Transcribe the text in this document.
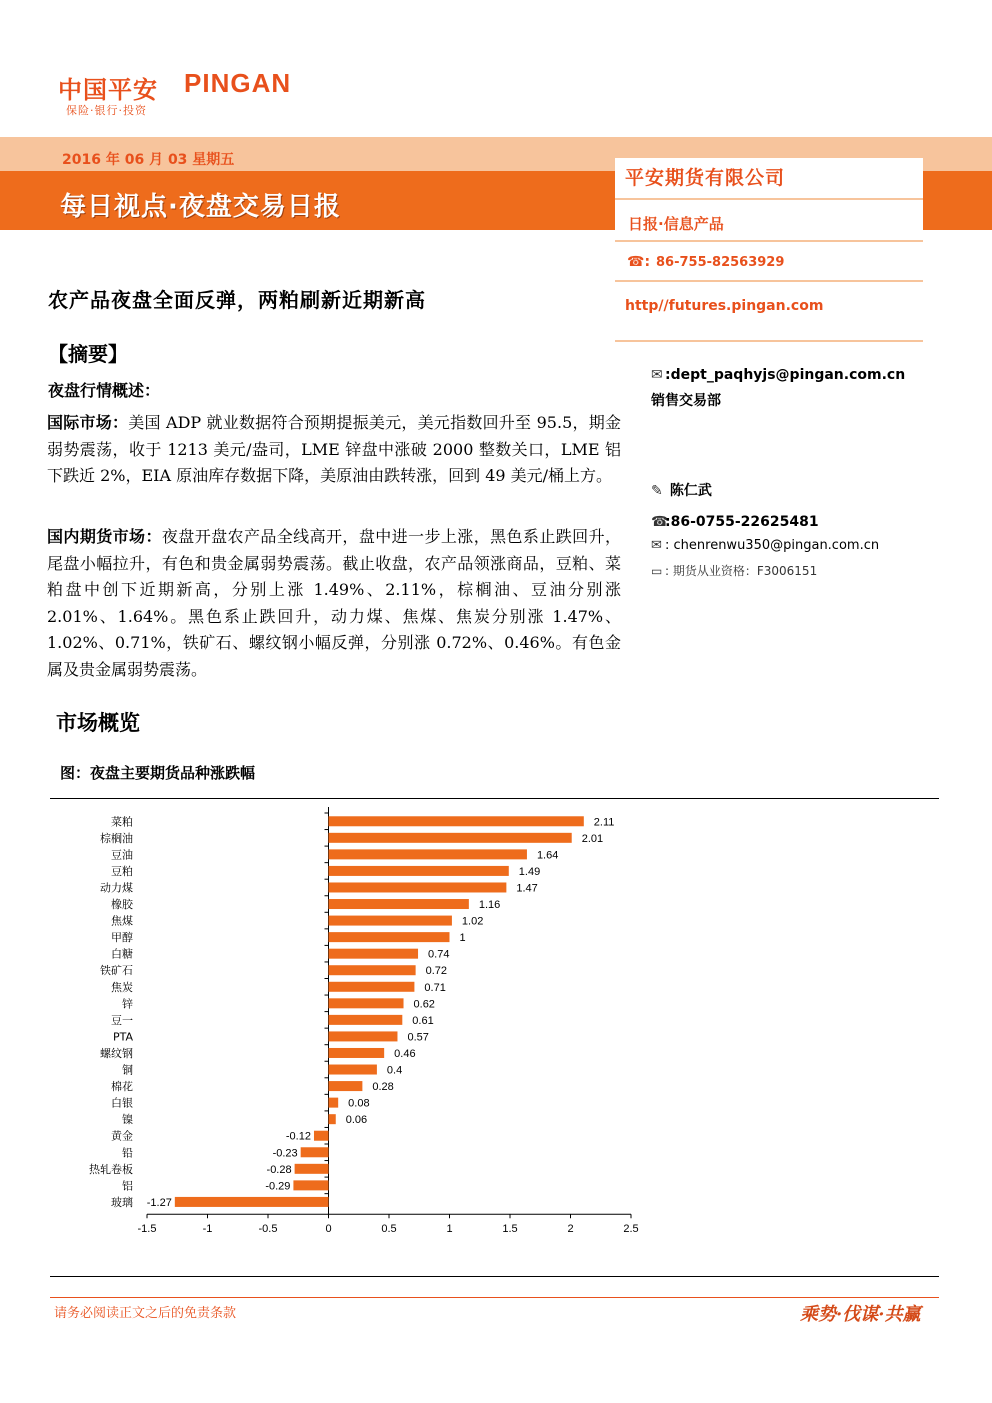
中国平安 PINGAN
保险·银行·投资
2016 年 06 月 03 星期五
每日视点·夜盘交易日报
平安期货有限公司
日报·信息产品
☎: 86-755-82563929
http//futures.pingan.com
农产品夜盘全面反弹，两粕刷新近期新高
【摘要】
夜盘行情概述：
国际市场：美国 ADP 就业数据符合预期提振美元，美元指数回升至 95.5，期金弱势震荡，收于 1213 美元/盎司，LME 锌盘中涨破 2000 整数关口，LME 铝下跌近 2%，EIA 原油库存数据下降，美原油由跌转涨，回到 49 美元/桶上方。
国内期货市场：夜盘开盘农产品全线高开，盘中进一步上涨，黑色系止跌回升，尾盘小幅拉升，有色和贵金属弱势震荡。截止收盘，农产品领涨商品，豆粕、菜粕盘中创下近期新高，分别上涨 1.49%、2.11%，棕榈油、豆油分别涨 2.01%、1.64%。黑色系止跌回升，动力煤、焦煤、焦炭分别涨 1.47%、1.02%、0.71%，铁矿石、螺纹钢小幅反弹，分别涨 0.72%、0.46%。有色金属及贵金属弱势震荡。
✉ :dept_paqhyjs@pingan.com.cn
销售交易部
✎ 陈仁武
☎:86-0755-22625481
✉ : chenrenwu350@pingan.com.cn
▭ : 期货从业资格：F3006151
市场概览
图：夜盘主要期货品种涨跌幅
菜粕	2.11
棕榈油	2.01
豆油	1.64
豆粕	1.49
动力煤	1.47
橡胶	1.16
焦煤	1.02
甲醇	1
白糖	0.74
铁矿石	0.72
焦炭	0.71
锌	0.62
豆一	0.61
PTA	0.57
螺纹钢	0.46
铜	0.4
棉花	0.28
白银	0.08
镍	0.06
黄金	-0.12
铅	-0.23
热轧卷板	-0.28
铝	-0.29
玻璃 -1.27
-1.5	-1	-0.5	0	0.5	1	1.5	2	2.5
请务必阅读正文之后的免责条款	乘势·伐谋·共赢
